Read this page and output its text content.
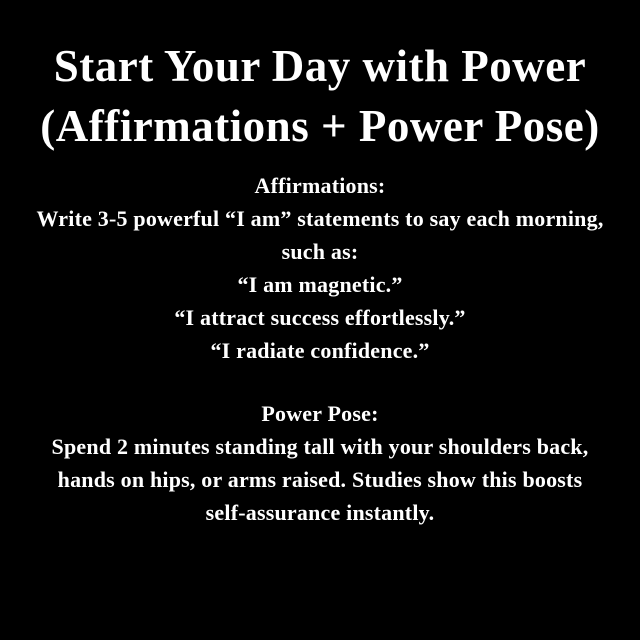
Start Your Day with Power
(Affirmations + Power Pose)
Affirmations:
Write 3-5 powerful “I am” statements to say each morning,
such as:
“I am magnetic.”
“I attract success effortlessly.”
“I radiate confidence.”
Power Pose:
Spend 2 minutes standing tall with your shoulders back,
hands on hips, or arms raised. Studies show this boosts
self-assurance instantly.
